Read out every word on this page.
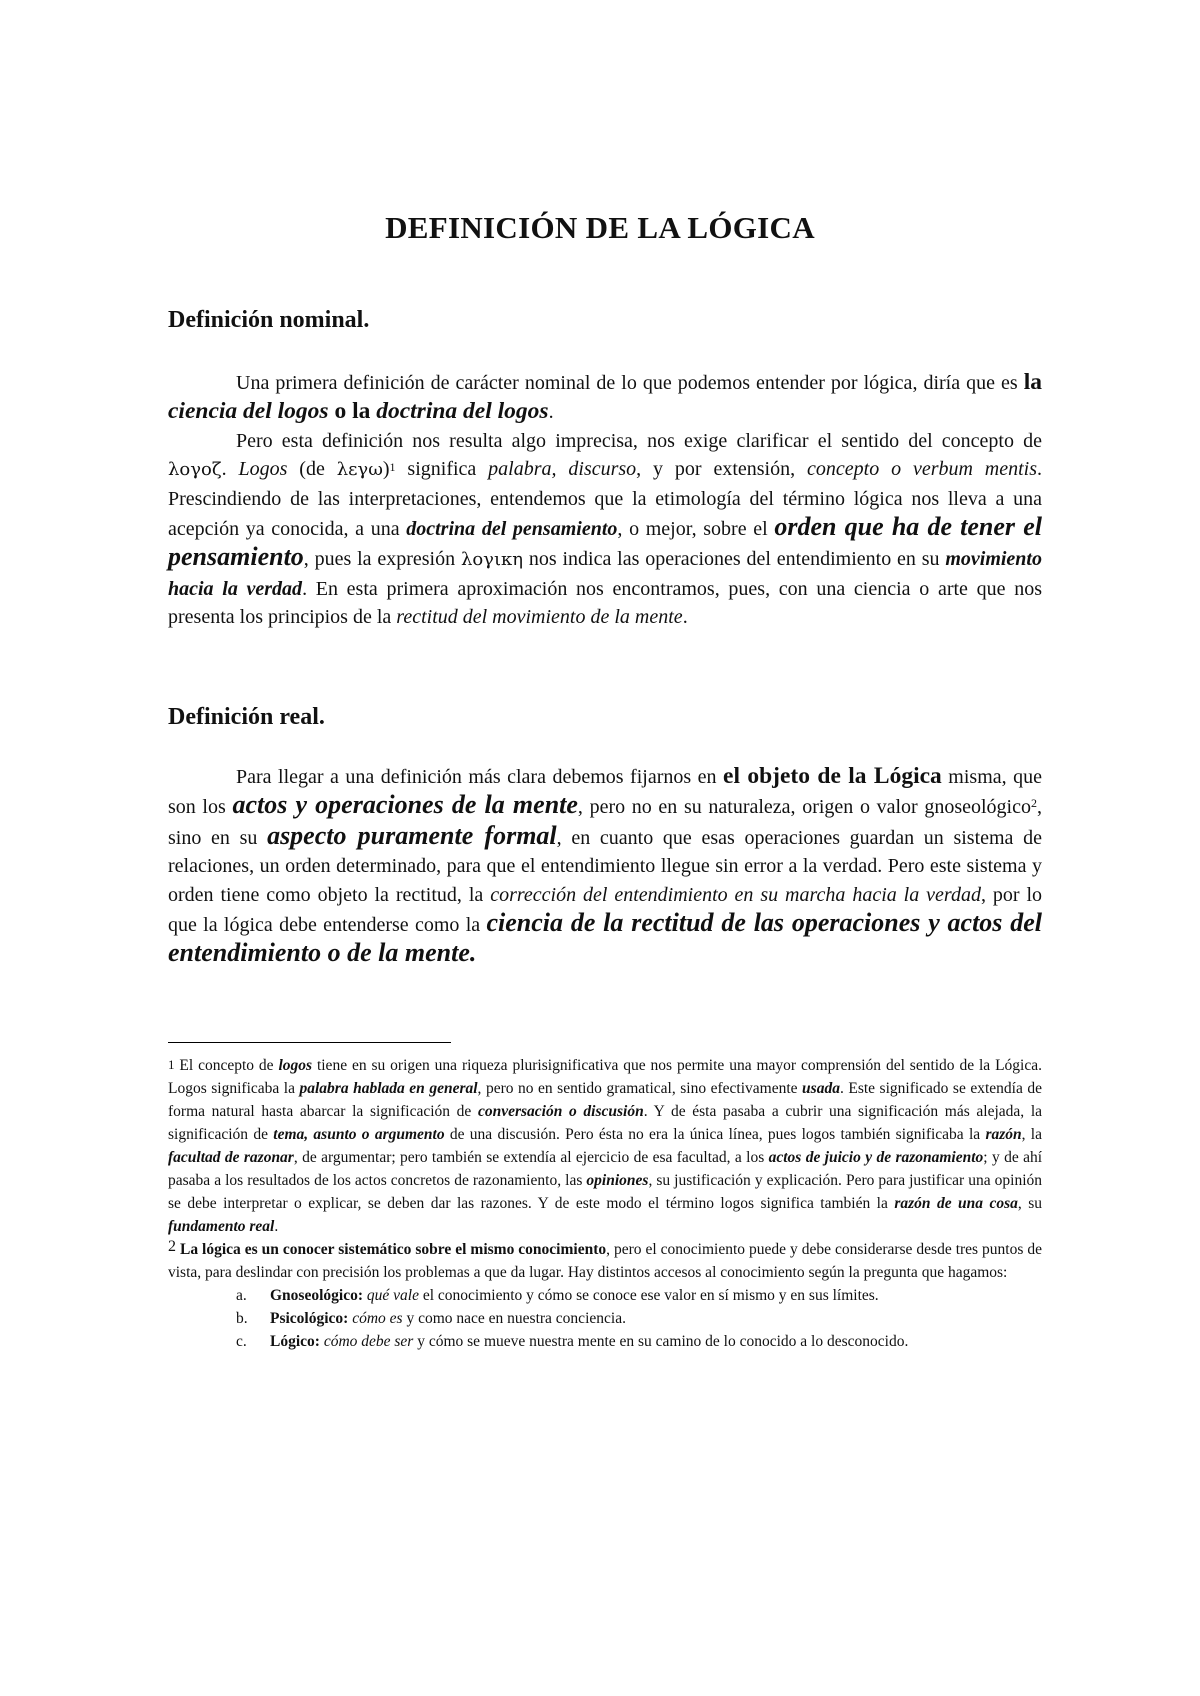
DEFINICIÓN DE LA LÓGICA
Definición nominal.

Una primera definición de carácter nominal de lo que podemos entender por lógica, diría que es la ciencia del logos o la doctrina del logos.

Pero esta definición nos resulta algo imprecisa, nos exige clarificar el sentido del concepto de λογοζ. Logos (de λεγω)$^1$ significa palabra, discurso, y por extensión, concepto o verbum mentis. Prescindiendo de las interpretaciones, entendemos que la etimología del término lógica nos lleva a una acepción ya conocida, a una doctrina del pensamiento, o mejor, sobre el orden que ha de tener el pensamiento, pues la expresión λογικη nos indica las operaciones del entendimiento en su movimiento hacia la verdad. En esta primera aproximación nos encontramos, pues, con una ciencia o arte que nos presenta los principios de la rectitud del movimiento de la mente.

Definición real.

Para llegar a una definición más clara debemos fijarnos en el objeto de la Lógica misma, que son los actos y operaciones de la mente, pero no en su naturaleza, origen o valor gnoseológico$^2$, sino en su aspecto puramente formal, en cuanto que esas operaciones guardan un sistema de relaciones, un orden determinado, para que el entendimiento llegue sin error a la verdad. Pero este sistema y orden tiene como objeto la rectitud, la corrección del entendimiento en su marcha hacia la verdad, por lo que la lógica debe entenderse como la ciencia de la rectitud de las operaciones y actos del entendimiento o de la mente.

$^1$ El concepto de logos tiene en su origen una riqueza plurisignificativa que nos permite una mayor comprensión del sentido de la Lógica. Logos significaba la palabra hablada en general, pero no en sentido gramatical, sino efectivamente usada. Este significado se extendía de forma natural hasta abarcar la significación de conversación o discusión. Y de ésta pasaba a cubrir una significación más alejada, la significación de tema, asunto o argumento de una discusión. Pero ésta no era la única línea, pues logos también significaba la razón, la facultad de razonar, de argumentar; pero también se extendía al ejercicio de esa facultad, a los actos de juicio y de razonamiento; y de ahí pasaba a los resultados de los actos concretos de razonamiento, las opiniones, su justificación y explicación. Pero para justificar una opinión se debe interpretar o explicar, se deben dar las razones. Y de este modo el término logos significa también la razón de una cosa, su fundamento real.

2 La lógica es un conocer sistemático sobre el mismo conocimiento, pero el conocimiento puede y debe considerarse desde tres puntos de vista, para deslindar con precisión los problemas a que da lugar. Hay distintos accesos al conocimiento según la pregunta que hagamos:

a. Gnoseológico: qué vale el conocimiento y cómo se conoce ese valor en sí mismo y en sus límites.
b. Psicológico: cómo es y como nace en nuestra conciencia.
c. Lógico: cómo debe ser y cómo se mueve nuestra mente en su camino de lo conocido a lo desconocido.
